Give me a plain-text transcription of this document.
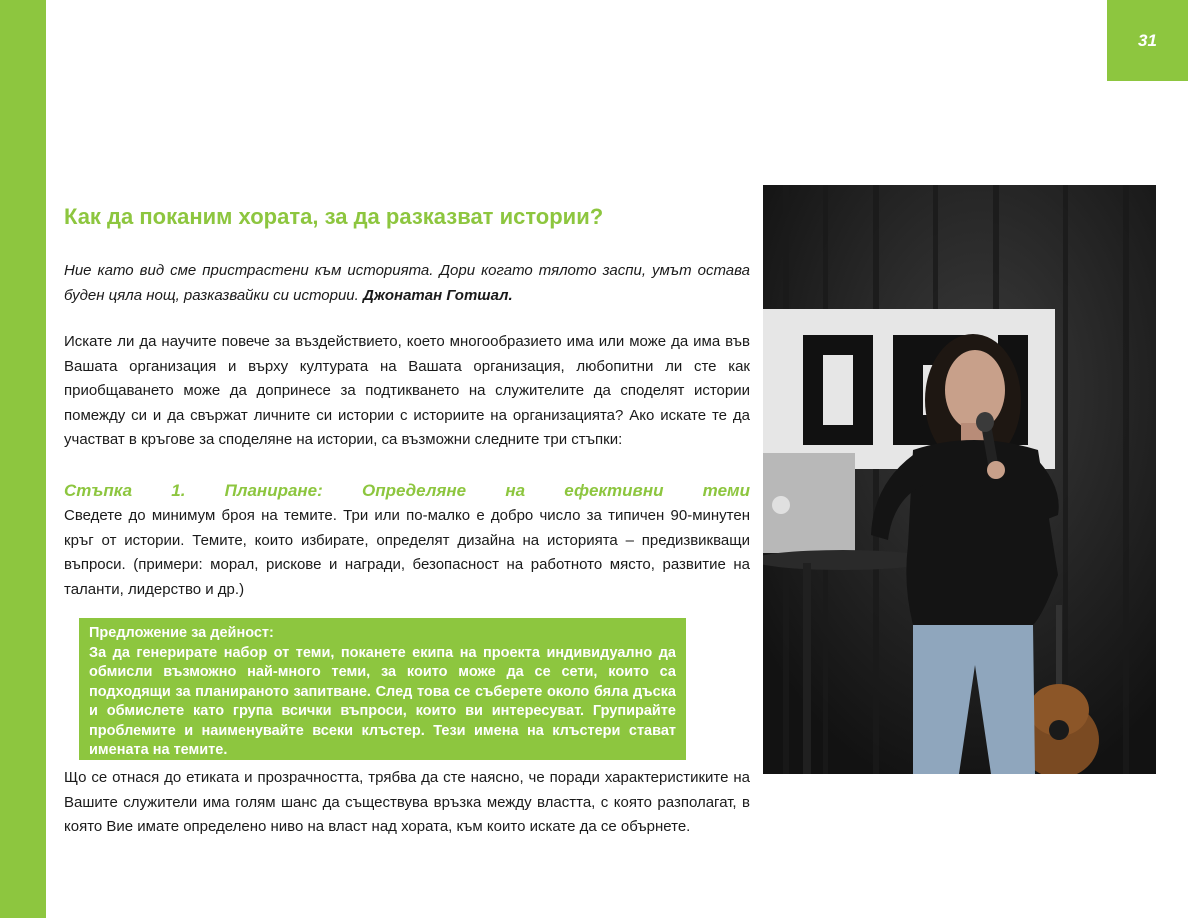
31
Как да поканим хората, за да разказват истории?

Ние като вид сме пристрастени към историята. Дори когато тялото заспи, умът остава буден цяла нощ, разказвайки си истории. Джонатан Готшал.

Искате ли да научите повече за въздействието, което многообразието има или може да има във Вашата организация и върху културата на Вашата организация, любопитни ли сте как приобщаването може да допринесе за подтикването на служителите да споделят истории помежду си и да свържат личните си истории с историите на организацията? Ако искате те да участват в кръгове за споделяне на истории, са възможни следните три стъпки:

Стъпка 1. Планиране: Определяне на ефективни теми

Сведете до минимум броя на темите. Три или по-малко е добро число за типичен 90-минутен кръг от истории. Темите, които избирате, определят дизайна на историята – предизвикващи въпроси. (примери: морал, рискове и награди, безопасност на работното място, развитие на таланти, лидерство и др.)

Предложение за дейност:
За да генерирате набор от теми, поканете екипа на проекта индивидуално да обмисли възможно най-много теми, за които може да се сети, които са подходящи за планираното запитване. След това се съберете около бяла дъска и обмислете като група всички въпроси, които ви интересуват. Групирайте проблемите и наименувайте всеки клъстер. Тези имена на клъстери стават имената на темите.

Що се отнася до етиката и прозрачността, трябва да сте наясно, че поради характеристиките на Вашите служители има голям шанс да съществува връзка между властта, с която разполагат, в която Вие имате определено ниво на власт над хората, към които искате да се обърнете.
